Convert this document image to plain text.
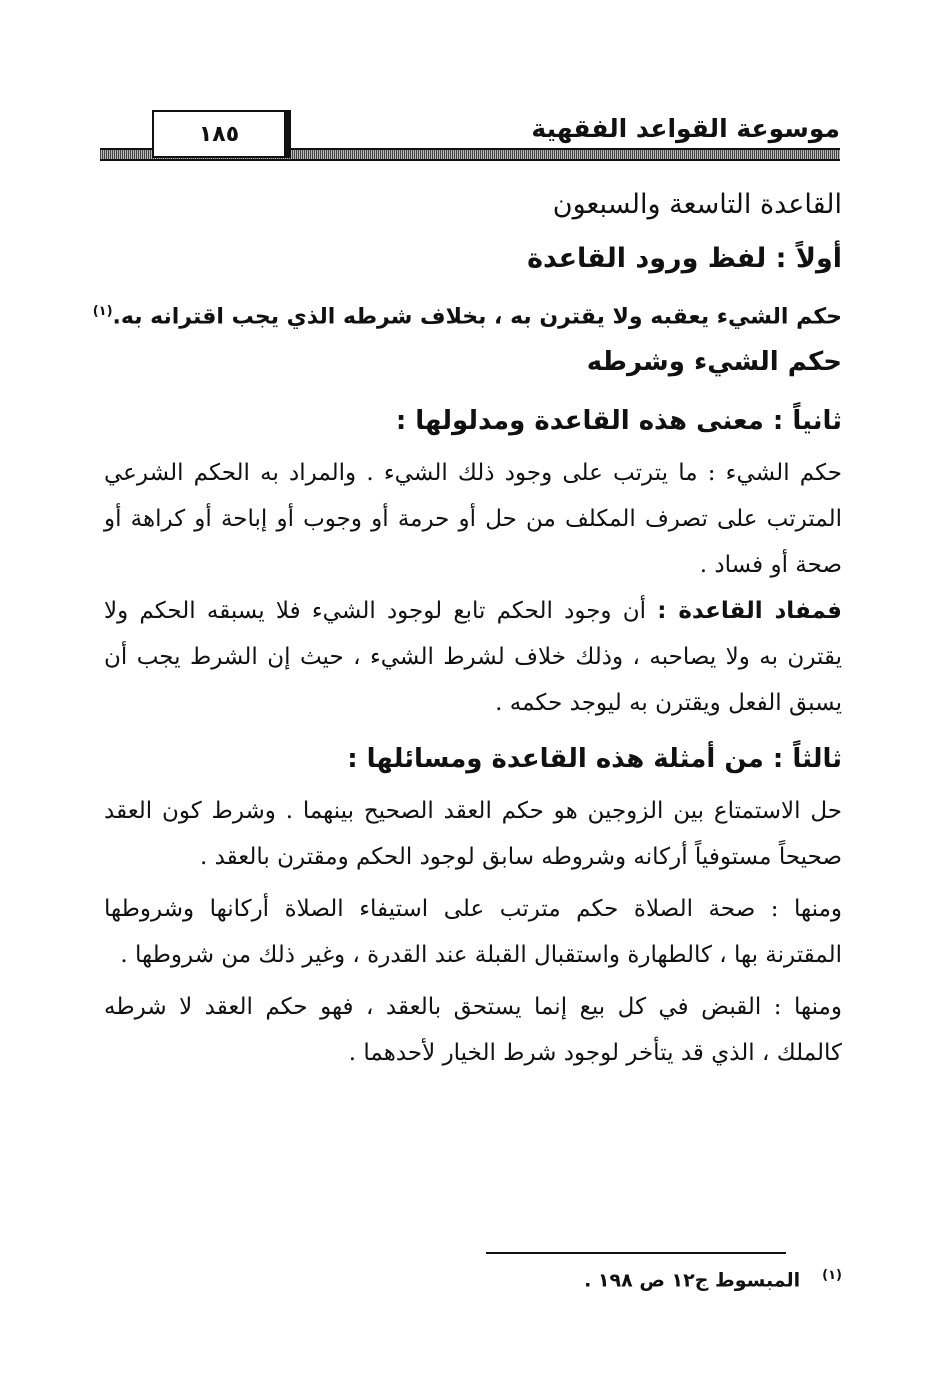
١٨٥	موسوعة القواعد الفقهية
القاعدة التاسعة والسبعون
أولاً : لفظ ورود القاعدة
حكم الشيء يعقبه ولا يقترن به ، بخلاف شرطه الذي يجب اقترانه به.$^{(١)}$
حكم الشيء وشرطه
ثانياً : معنى هذه القاعدة ومدلولها :

حكم الشيء : ما يترتب على وجود ذلك الشيء . والمراد به الحكم الشرعي المترتب على تصرف المكلف من حل أو حرمة أو وجوب أو إباحة أو كراهة أو صحة أو فساد .

فمفاد القاعدة : أن وجود الحكم تابع لوجود الشيء فلا يسبقه الحكم ولا يقترن به ولا يصاحبه ، وذلك خلاف لشرط الشيء ، حيث إن الشرط يجب أن يسبق الفعل ويقترن به ليوجد حكمه .

ثالثاً : من أمثلة هذه القاعدة ومسائلها :

حل الاستمتاع بين الزوجين هو حكم العقد الصحيح بينهما . وشرط كون العقد صحيحاً مستوفياً أركانه وشروطه سابق لوجود الحكم ومقترن بالعقد .

ومنها : صحة الصلاة حكم مترتب على استيفاء الصلاة أركانها وشروطها المقترنة بها ، كالطهارة واستقبال القبلة عند القدرة ، وغير ذلك من شروطها .

ومنها : القبض في كل بيع إنما يستحق بالعقد ، فهو حكم العقد لا شرطه كالملك ، الذي قد يتأخر لوجود شرط الخيار لأحدهما .

$^{(١)}$المبسوط ج١٢ ص ١٩٨ .
